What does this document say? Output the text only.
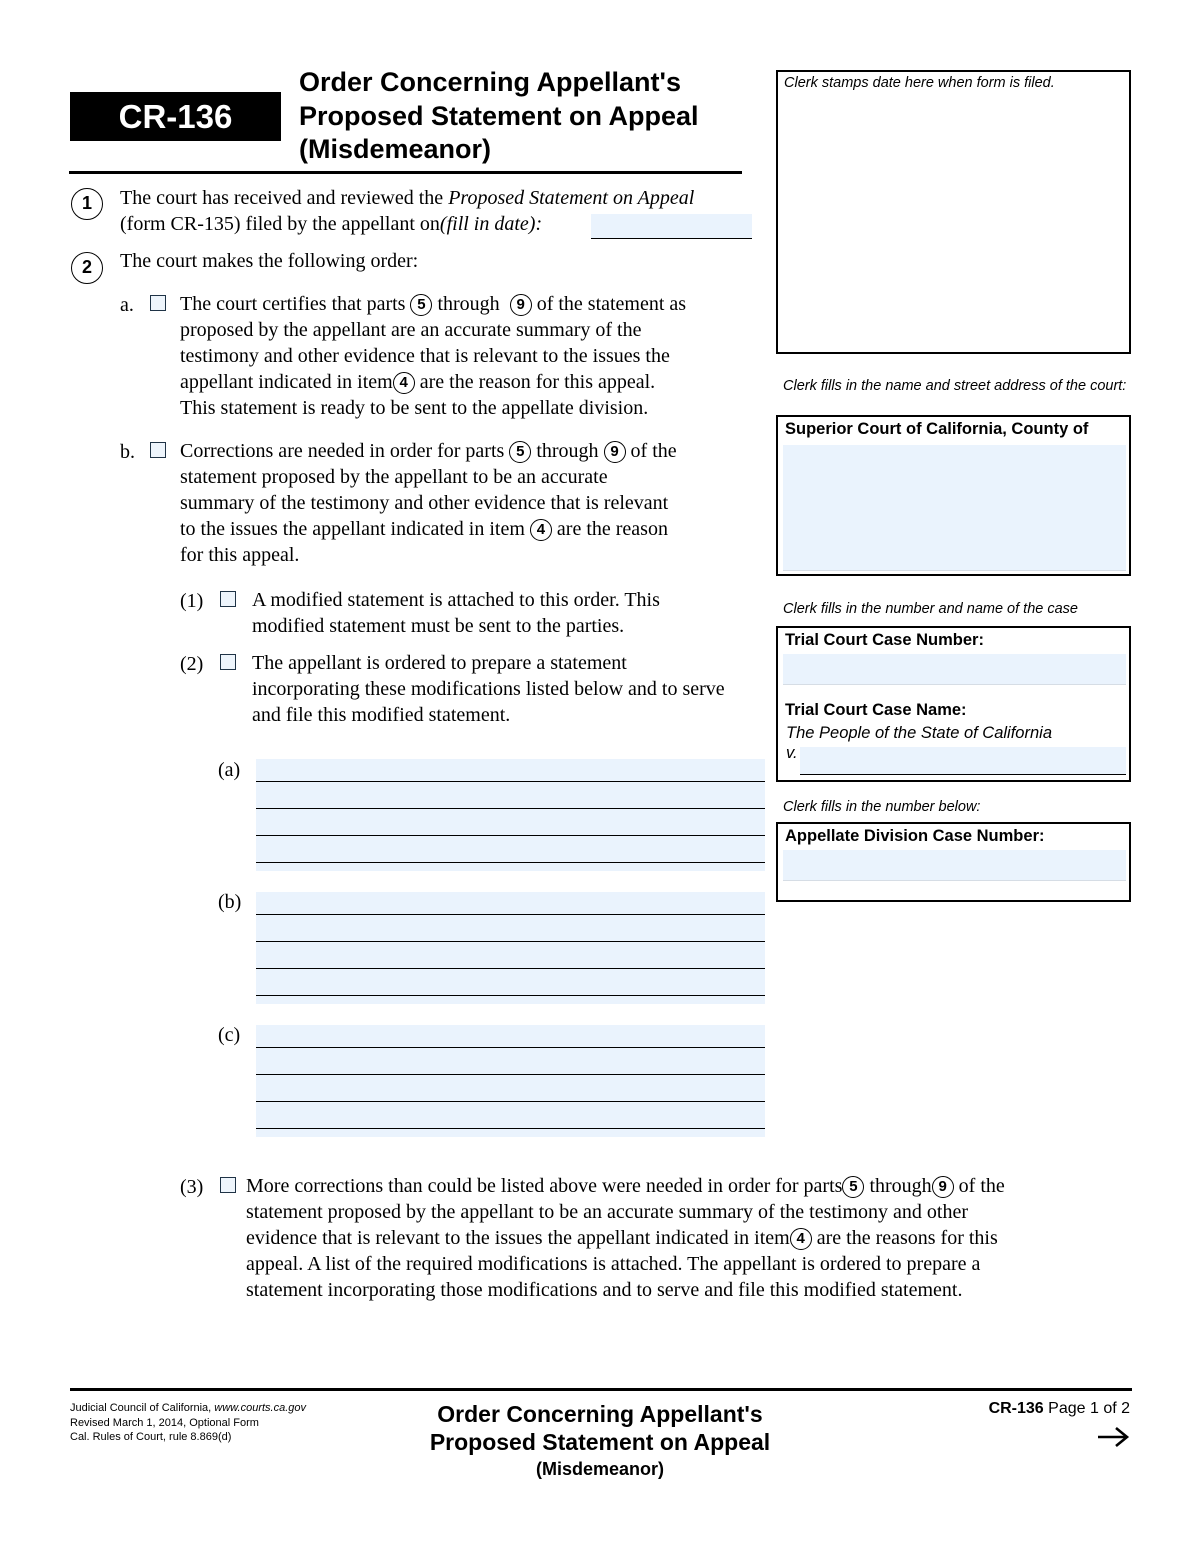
CR-136
Order Concerning Appellant's
Proposed Statement on Appeal
(Misdemeanor)
Clerk stamps date here when form is filed.
Clerk fills in the name and street address of the court:
Superior Court of California, County of
Clerk fills in the number and name of the case
Trial Court Case Number:
Trial Court Case Name:
The People of the State of California
v.
Clerk fills in the number below:
Appellate Division Case Number:
1	The court has received and reviewed the Proposed Statement on Appeal
(form CR-135) filed by the appellant on(fill in date):
2	The court makes the following order:
a. The court certifies that parts 5 through 9 of the statement as
proposed by the appellant are an accurate summary of the
testimony and other evidence that is relevant to the issues the
appellant indicated in item 4 are the reason for this appeal.
This statement is ready to be sent to the appellate division.
b. Corrections are needed in order for parts 5 through 9 of the
statement proposed by the appellant to be an accurate
summary of the testimony and other evidence that is relevant
to the issues the appellant indicated in item 4 are the reason
for this appeal.
(1) A modified statement is attached to this order. This
modified statement must be sent to the parties.
(2) The appellant is ordered to prepare a statement
incorporating these modifications listed below and to serve
and file this modified statement.
(a)
(b)
(c)
(3) More corrections than could be listed above were needed in order for parts 5 through 9 of the
statement proposed by the appellant to be an accurate summary of the testimony and other
evidence that is relevant to the issues the appellant indicated in item 4 are the reasons for this
appeal. A list of the required modifications is attached. The appellant is ordered to prepare a
statement incorporating those modifications and to serve and file this modified statement.
Judicial Council of California, www.courts.ca.gov
Revised March 1, 2014, Optional Form
Cal. Rules of Court, rule 8.869(d)
Order Concerning Appellant's
Proposed Statement on Appeal
(Misdemeanor)
CR-136 Page 1 of 2
